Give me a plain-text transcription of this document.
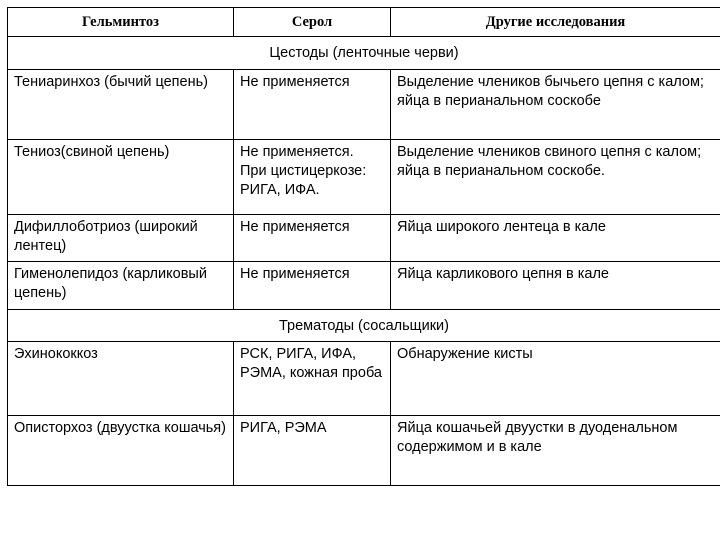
Гельминтоз	Серол	Другие исследования
Цестоды (ленточные черви)		
Тениаринхоз (бычий цепень)	Не применяется	Выделение члеников бычьего цепня с калом; яйца в перианальном соскобе
Тениоз(свиной цепень)	Не применяется. При цистицеркозе: РИГА, ИФА.	Выделение члеников свиного цепня с калом; яйца в перианальном соскобе.
Дифиллоботриоз (широкий лентец)	Не применяется	Яйца широкого лентеца в кале
Гименолепидоз (карликовый цепень)	Не применяется	Яйца карликового цепня в кале
Трематоды (сосальщики)		
Эхинококкоз	РСК, РИГА, ИФА, РЭМА, кожная проба	Обнаружение кисты
Описторхоз (двуустка кошачья)	РИГА, РЭМА	Яйца кошачьей двуустки в дуоденальном содержимом и в кале
